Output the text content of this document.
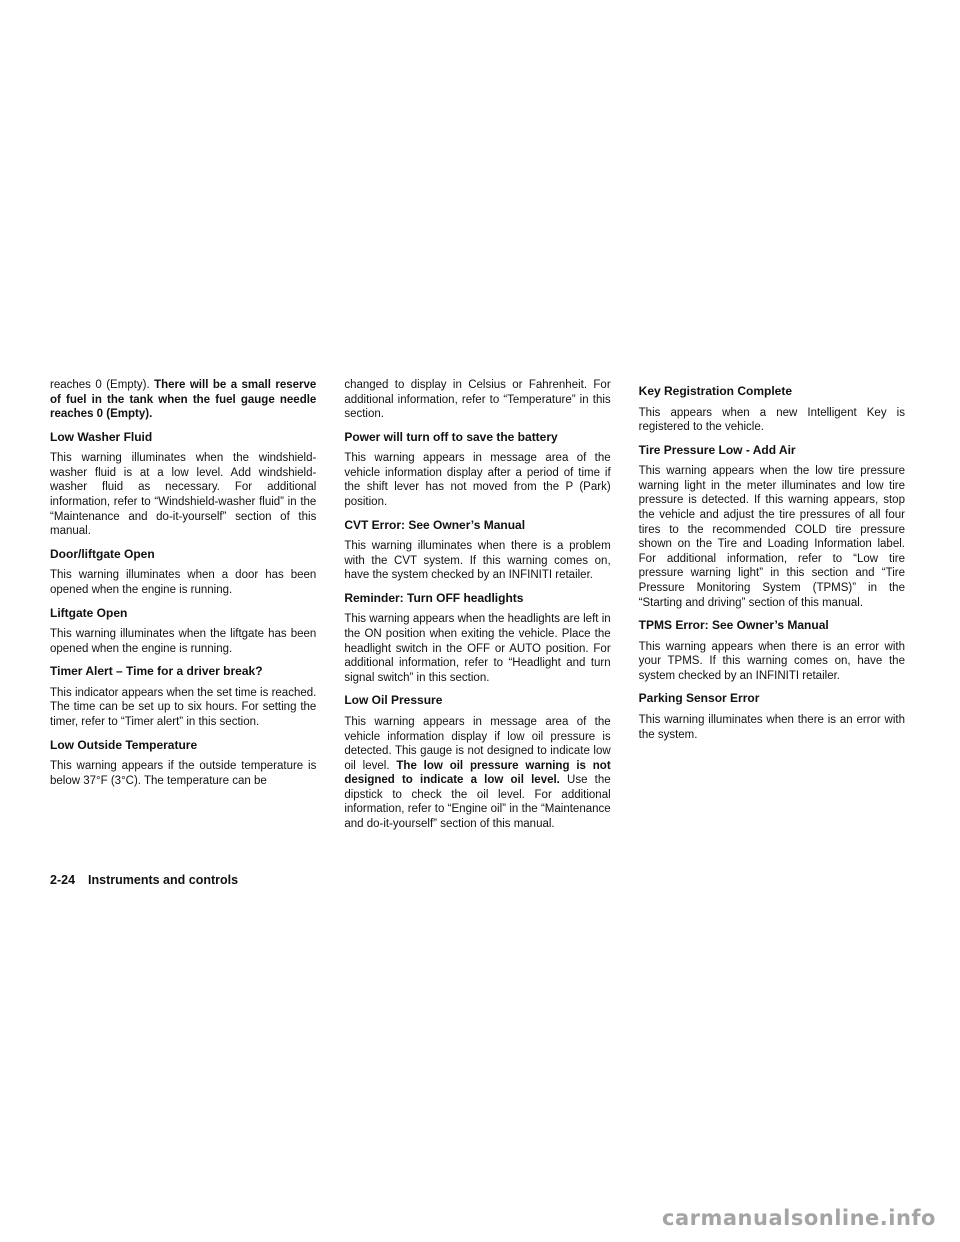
reaches 0 (Empty). There will be a small reserve of fuel in the tank when the fuel gauge needle reaches 0 (Empty).

Low Washer Fluid

This warning illuminates when the windshield-washer fluid is at a low level. Add windshield-washer fluid as necessary. For additional information, refer to “Windshield-washer fluid” in the “Maintenance and do-it-yourself” section of this manual.

Door/liftgate Open

This warning illuminates when a door has been opened when the engine is running.

Liftgate Open

This warning illuminates when the liftgate has been opened when the engine is running.

Timer Alert – Time for a driver break?

This indicator appears when the set time is reached. The time can be set up to six hours. For setting the timer, refer to “Timer alert” in this section.

Low Outside Temperature

This warning appears if the outside temperature is below 37°F (3°C). The temperature can be

changed to display in Celsius or Fahrenheit. For additional information, refer to “Temperature” in this section.

Power will turn off to save the battery

This warning appears in message area of the vehicle information display after a period of time if the shift lever has not moved from the P (Park) position.

CVT Error: See Owner’s Manual

This warning illuminates when there is a problem with the CVT system. If this warning comes on, have the system checked by an INFINITI retailer.

Reminder: Turn OFF headlights

This warning appears when the headlights are left in the ON position when exiting the vehicle. Place the headlight switch in the OFF or AUTO position. For additional information, refer to “Headlight and turn signal switch” in this section.

Low Oil Pressure

This warning appears in message area of the vehicle information display if low oil pressure is detected. This gauge is not designed to indicate low oil level. The low oil pressure warning is not designed to indicate a low oil level. Use the dipstick to check the oil level. For additional information, refer to “Engine oil” in the “Maintenance and do-it-yourself” section of this manual.

Key Registration Complete

This appears when a new Intelligent Key is registered to the vehicle.

Tire Pressure Low - Add Air

This warning appears when the low tire pressure warning light in the meter illuminates and low tire pressure is detected. If this warning appears, stop the vehicle and adjust the tire pressures of all four tires to the recommended COLD tire pressure shown on the Tire and Loading Information label. For additional information, refer to “Low tire pressure warning light” in this section and “Tire Pressure Monitoring System (TPMS)” in the “Starting and driving” section of this manual.

TPMS Error: See Owner’s Manual

This warning appears when there is an error with your TPMS. If this warning comes on, have the system checked by an INFINITI retailer.

Parking Sensor Error

This warning illuminates when there is an error with the system.

2-24 Instruments and controls
carmanualsonline.info
